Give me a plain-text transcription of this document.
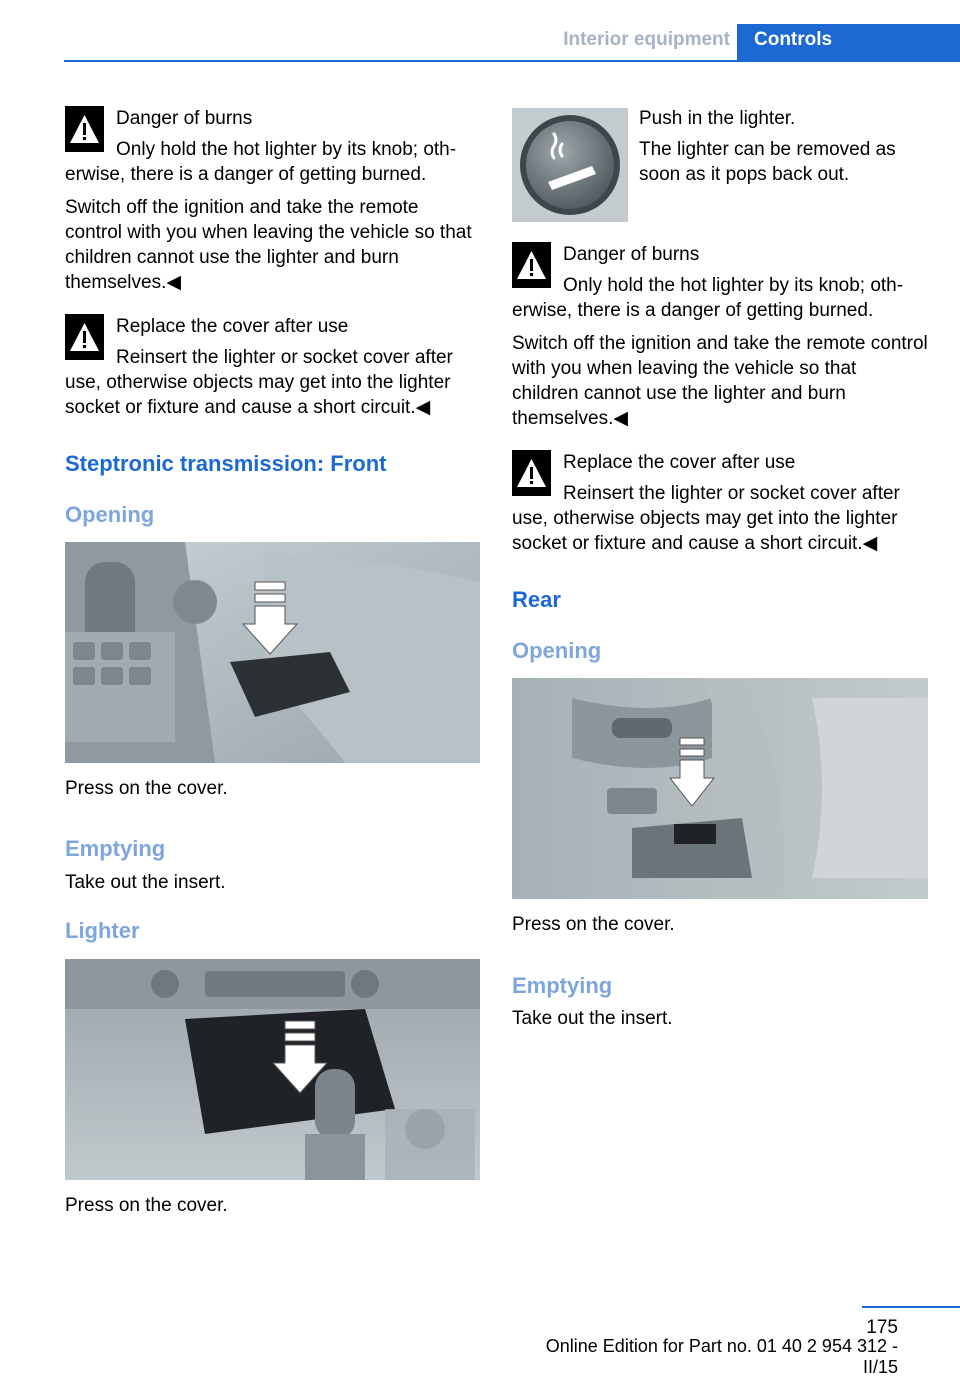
Interior equipment	Controls
Danger of burns
Only hold the hot lighter by its knob; oth‐erwise, there is a danger of getting burned.
Switch off the ignition and take the remote control with you when leaving the vehicle so that children cannot use the lighter and burn themselves.◀
Replace the cover after use
Reinsert the lighter or socket cover after use, otherwise objects may get into the lighter socket or fixture and cause a short circuit.◀
Steptronic transmission: Front
Opening
Press on the cover.
Emptying
Take out the insert.
Lighter
Press on the cover.
Push in the lighter.
The lighter can be removed as soon as it pops back out.
Danger of burns
Only hold the hot lighter by its knob; oth‐erwise, there is a danger of getting burned.
Switch off the ignition and take the remote control with you when leaving the vehicle so that children cannot use the lighter and burn themselves.◀
Replace the cover after use
Reinsert the lighter or socket cover after use, otherwise objects may get into the lighter socket or fixture and cause a short circuit.◀
Rear
Opening
Press on the cover.
Emptying
Take out the insert.
175
Online Edition for Part no. 01 40 2 954 312 - II/15
